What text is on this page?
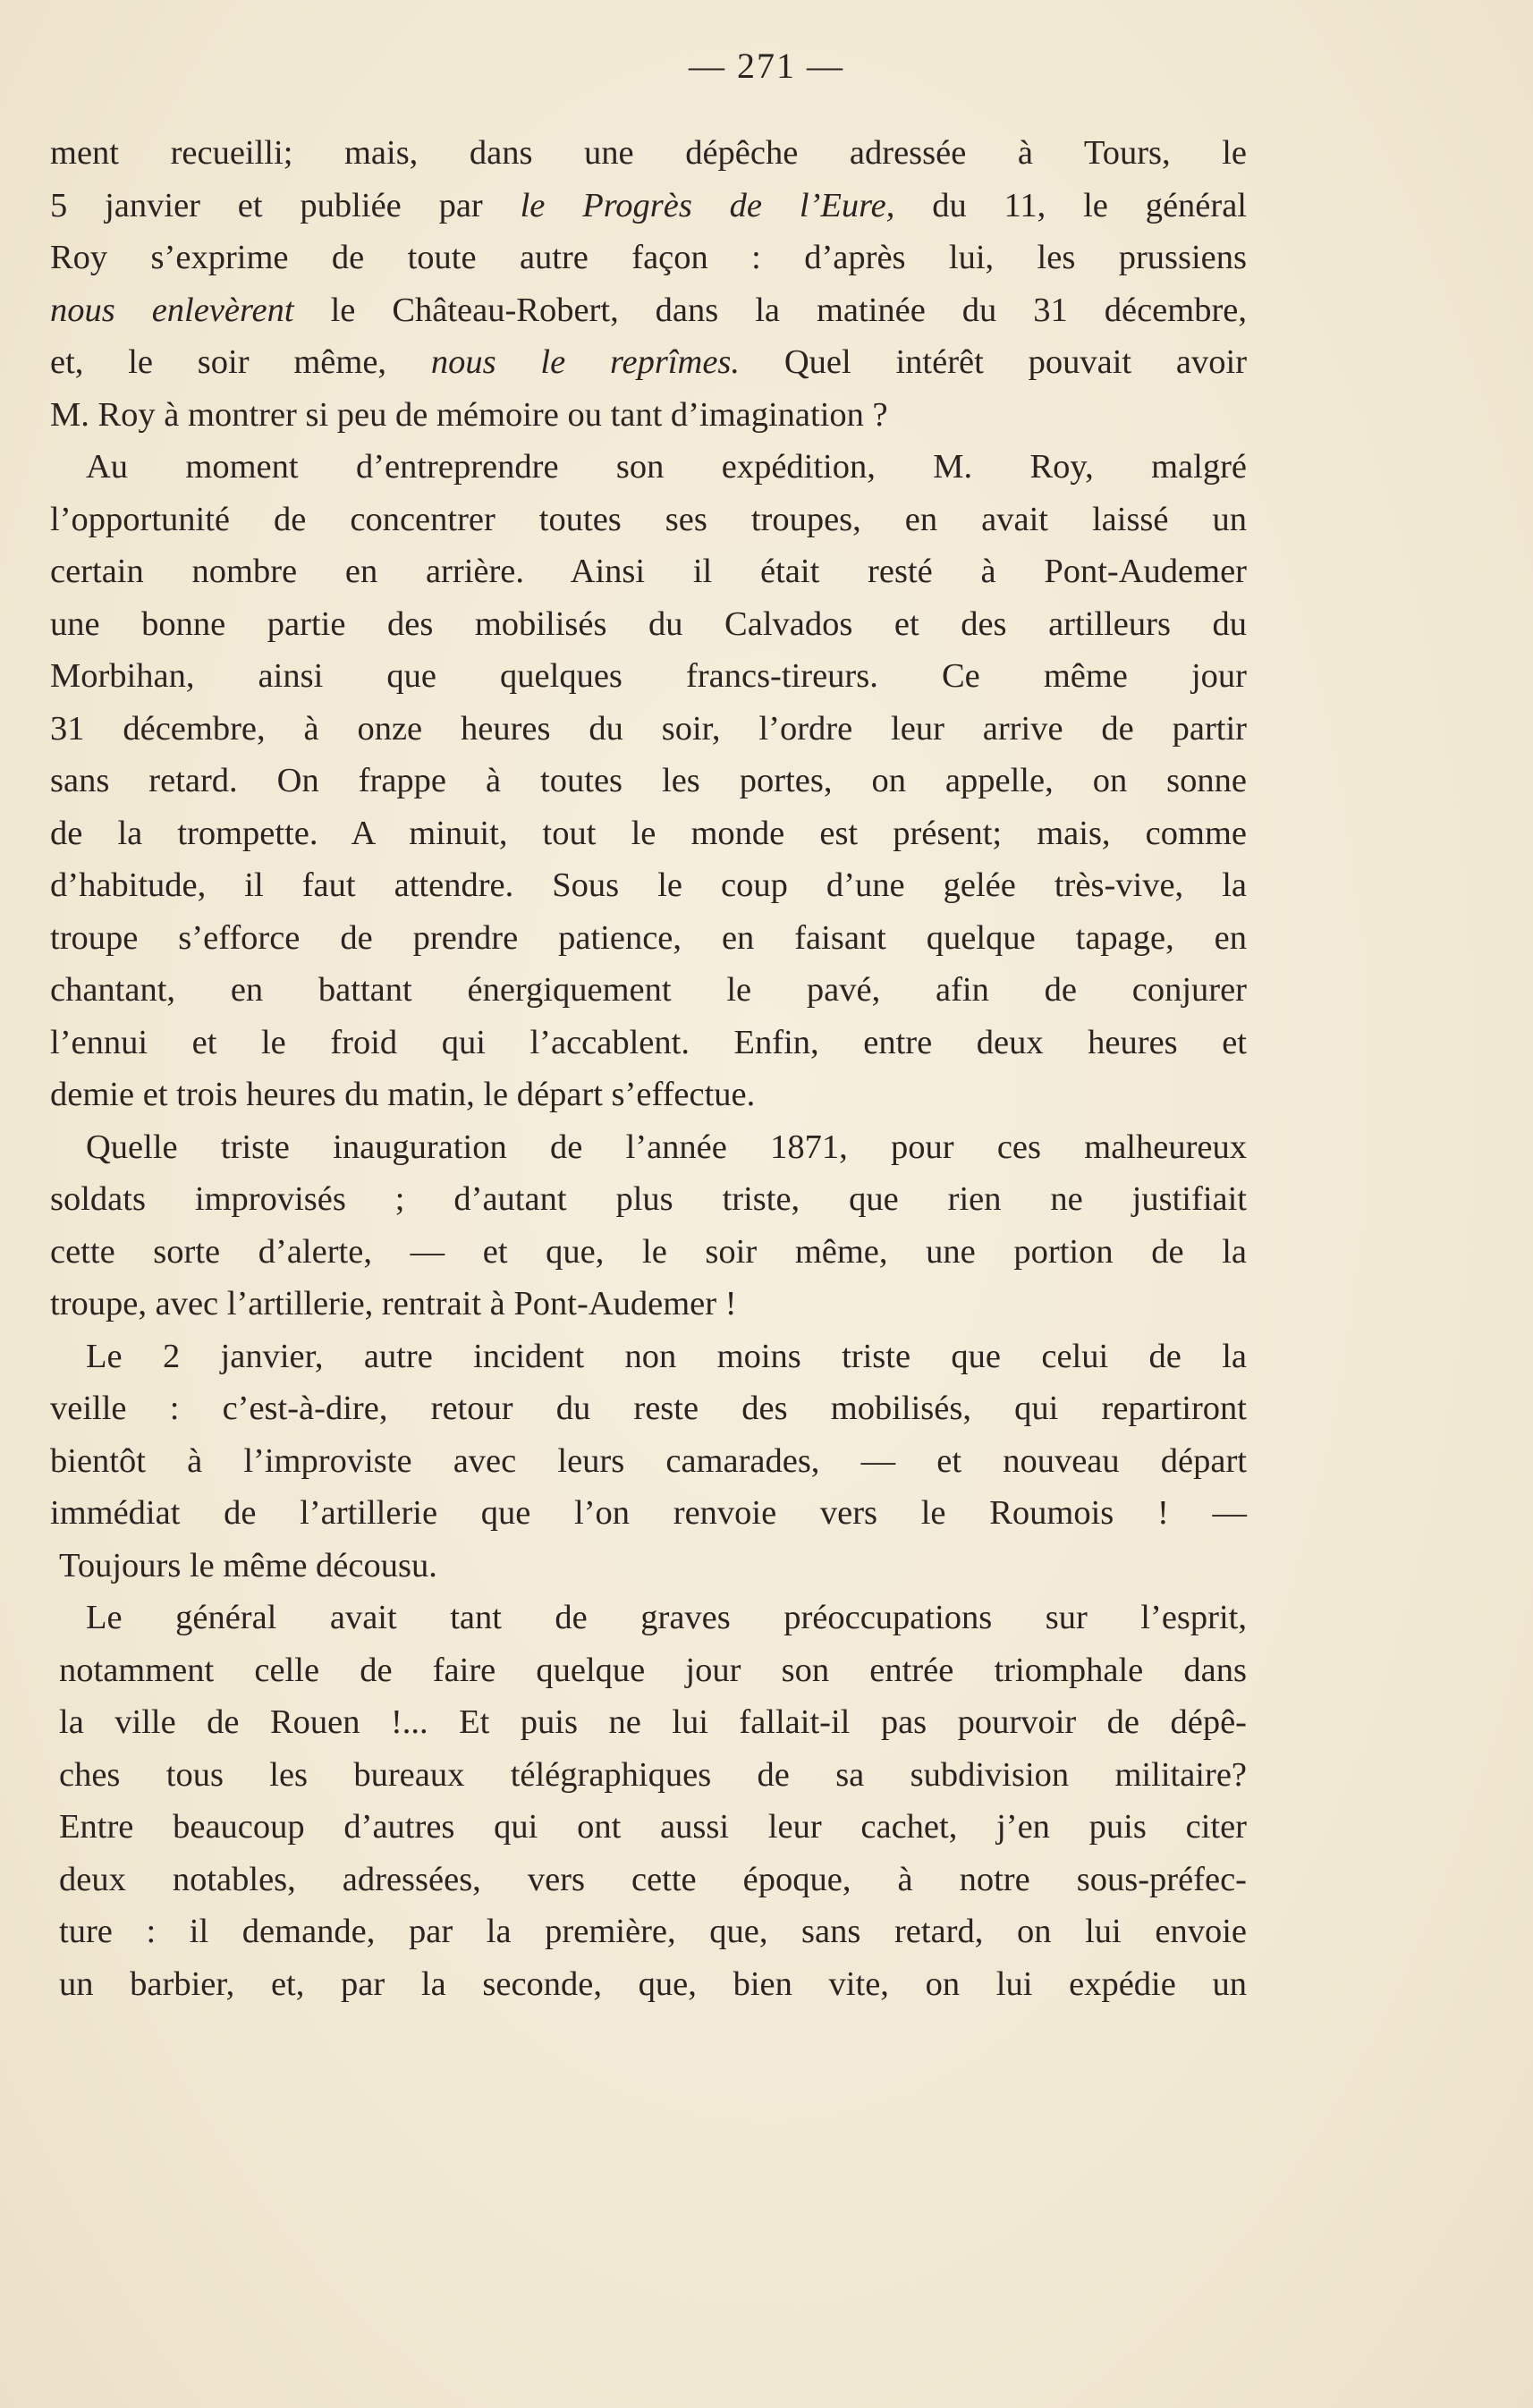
— 271 —
ment recueilli; mais, dans une dépêche adressée à Tours, le
5 janvier et publiée par le Progrès de l’Eure, du 11, le général
Roy s’exprime de toute autre façon : d’après lui, les prussiens
nous enlevèrent le Château-Robert, dans la matinée du 31 décembre,
et, le soir même, nous le reprîmes. Quel intérêt pouvait avoir
M. Roy à montrer si peu de mémoire ou tant d’imagination ?
Au moment d’entreprendre son expédition, M. Roy, malgré
l’opportunité de concentrer toutes ses troupes, en avait laissé un
certain nombre en arrière. Ainsi il était resté à Pont-Audemer
une bonne partie des mobilisés du Calvados et des artilleurs du
Morbihan, ainsi que quelques francs-tireurs. Ce même jour
31 décembre, à onze heures du soir, l’ordre leur arrive de partir
sans retard. On frappe à toutes les portes, on appelle, on sonne
de la trompette. A minuit, tout le monde est présent; mais, comme
d’habitude, il faut attendre. Sous le coup d’une gelée très-vive, la
troupe s’efforce de prendre patience, en faisant quelque tapage, en
chantant, en battant énergiquement le pavé, afin de conjurer
l’ennui et le froid qui l’accablent. Enfin, entre deux heures et
demie et trois heures du matin, le départ s’effectue.
Quelle triste inauguration de l’année 1871, pour ces malheureux
soldats improvisés ; d’autant plus triste, que rien ne justifiait
cette sorte d’alerte, — et que, le soir même, une portion de la
troupe, avec l’artillerie, rentrait à Pont-Audemer !
Le 2 janvier, autre incident non moins triste que celui de la
veille : c’est-à-dire, retour du reste des mobilisés, qui repartiront
bientôt à l’improviste avec leurs camarades, — et nouveau départ
immédiat de l’artillerie que l’on renvoie vers le Roumois ! —
Toujours le même décousu.
Le général avait tant de graves préoccupations sur l’esprit,
notamment celle de faire quelque jour son entrée triomphale dans
la ville de Rouen !... Et puis ne lui fallait-il pas pourvoir de dépê-
ches tous les bureaux télégraphiques de sa subdivision militaire?
Entre beaucoup d’autres qui ont aussi leur cachet, j’en puis citer
deux notables, adressées, vers cette époque, à notre sous-préfec-
ture : il demande, par la première, que, sans retard, on lui envoie
un barbier, et, par la seconde, que, bien vite, on lui expédie un
